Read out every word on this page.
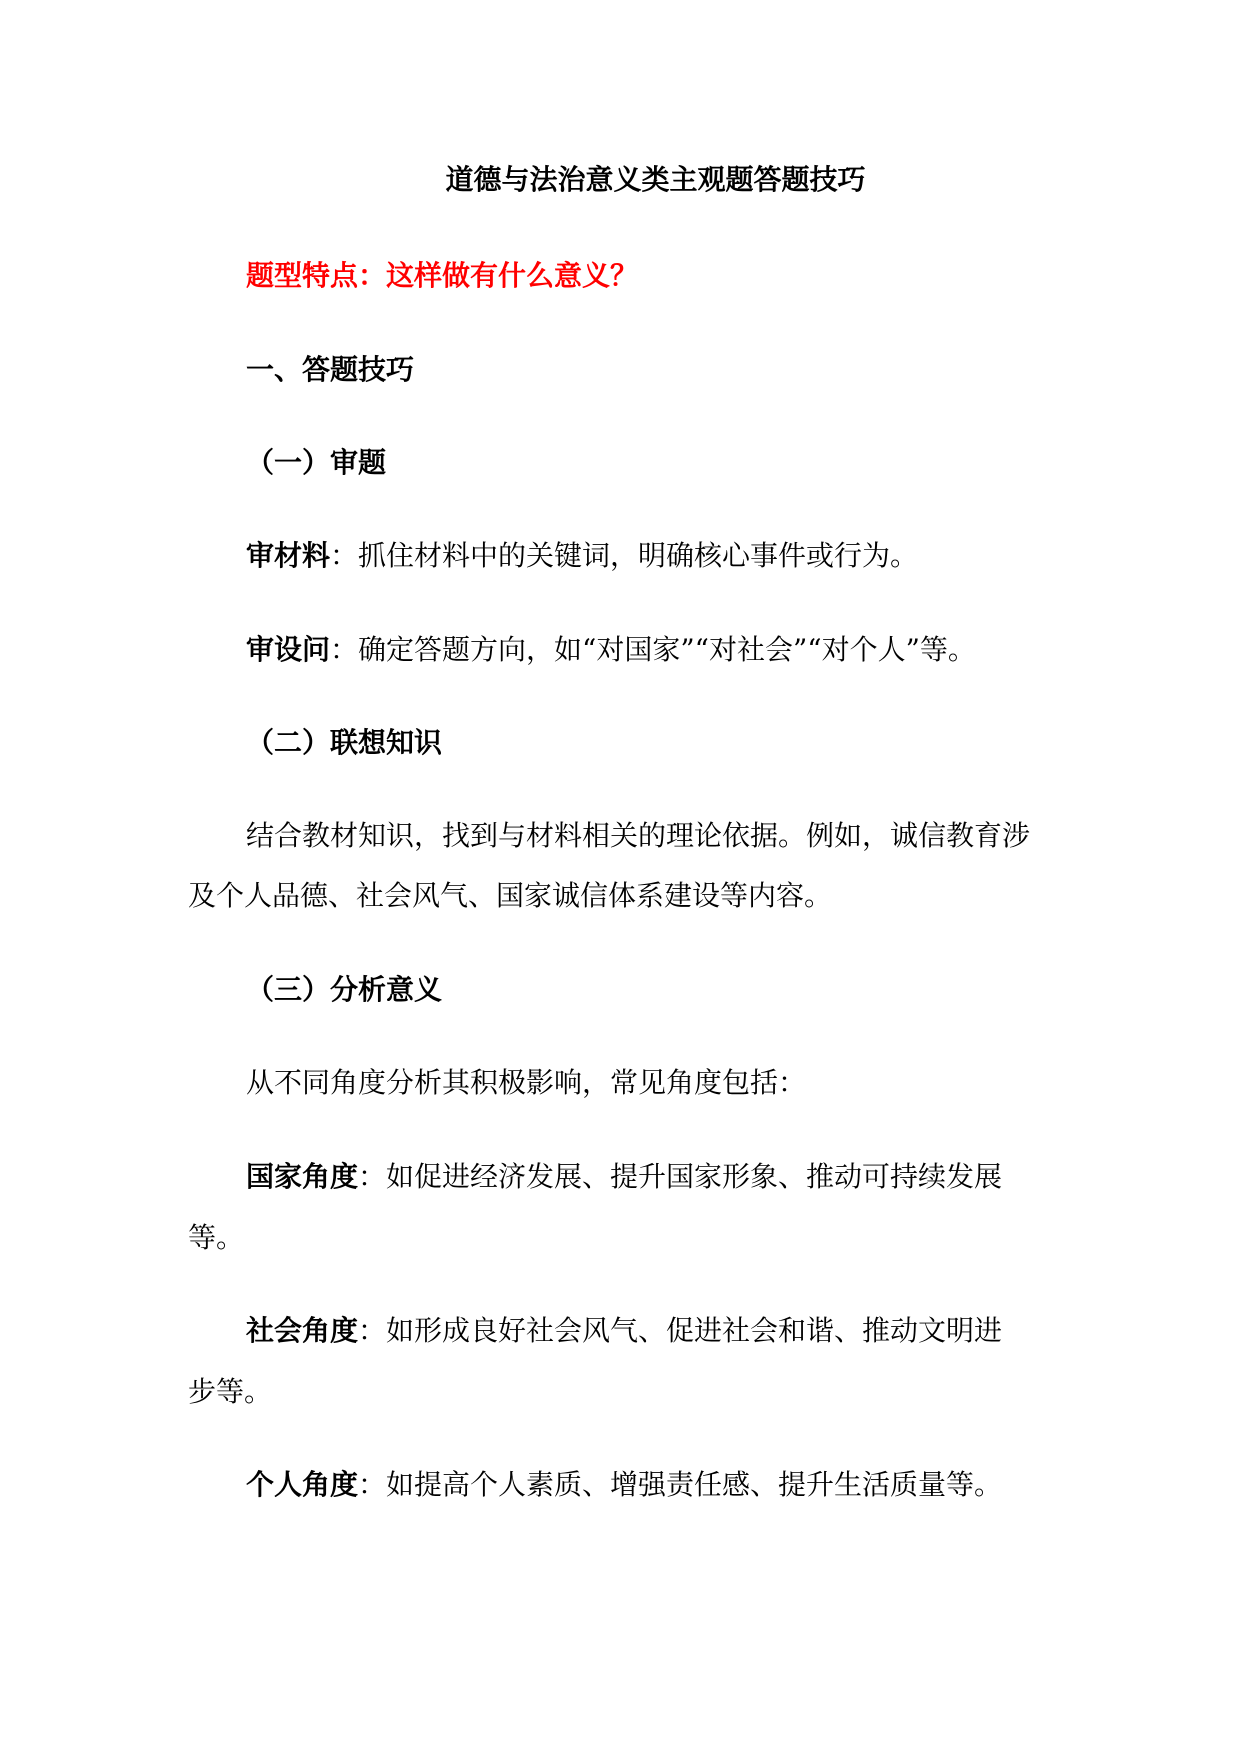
道德与法治意义类主观题答题技巧
题型特点：这样做有什么意义？
一、答题技巧
（一）审题
审材料：抓住材料中的关键词，明确核心事件或行为。
审设问：确定答题方向，如“对国家”“对社会”“对个人”等。
（二）联想知识
结合教材知识，找到与材料相关的理论依据。例如，诚信教育涉
及个人品德、社会风气、国家诚信体系建设等内容。
（三）分析意义
从不同角度分析其积极影响，常见角度包括：
国家角度：如促进经济发展、提升国家形象、推动可持续发展
等。
社会角度：如形成良好社会风气、促进社会和谐、推动文明进
步等。
个人角度：如提高个人素质、增强责任感、提升生活质量等。
